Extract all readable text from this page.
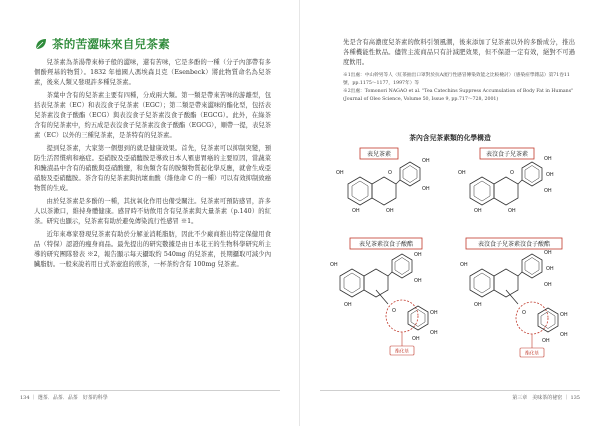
茶的苦澀味來自兒茶素

兒茶素為茶湯帶來柿子般的澀味，還有苦味，它是多酚的一種（分子內部帶有多個酚羥基的物質）。1832 年德國人馮埃森貝克（Esenbeck）將此物質命名為兒茶素，後來人類又發現許多種兒茶素。

茶葉中含有的兒茶素主要有四種，分成兩大類。第一類是帶來苦味的游離型，包括表兒茶素（EC）和表沒食子兒茶素（EGC）；第二類是帶來澀味的酯化型，包括表兒茶素沒食子酸酯（ECG）與表沒食子兒茶素沒食子酸酯（EGCG）。此外，在綠茶含有的兒茶素中，約五成是表沒食子兒茶素沒食子酸酯（EGCG），順帶一提，表兒茶素（EC）以外的三種兒茶素，是茶特有的兒茶素。

提到兒茶素，大家第一個想到的就是健康效果。首先，兒茶素可以抑制突變，預防生活習慣病和癌症。亞硝胺及亞硝醯胺是導致日本人罹患胃癌的主要原因，當蔬菜和醃漬品中含有的硝酸與亞硝酸鹽，和魚類含有的胺類物質起化學反應，就會生成亞硝胺及亞硝醯胺。茶含有的兒茶素與抗壞血酸（維他命 C 的一種）可以有效抑制致癌物質的生成。

由於兒茶素是多酚的一種，其抗氧化作用也備受關注。兒茶素可預防感冒，許多人以茶漱口，維持身體健康。感冒時不妨飲用含有兒茶素與大量茶素（p.140）的紅茶。研究也顯示，兒茶素有助於避免傳染流行性感冒 ※1。

近年來專家發現兒茶素有助於分解並消耗脂肪，因此不少廠商推出特定保健用食品（特保）認證的瘦身商品。最先提出的研究數據是由日本花王的生物科學研究所主導的研究團隊發表 ※2，報告顯示每天攝取約 540mg 的兒茶素，長期攝取可減少內臟脂肪。一般來說若用日式茶壺泡的煎茶，一杯茶約含有 100mg 兒茶素。

134 ｜ 選茶．品茶．品茶　好茶的科學	第三章　美味茶的祕密 ｜ 135
先是含有高濃度兒茶素的飲料引領風潮，後來添加了兒茶素以外的多酚成分，推出各種機能性飲品。儘管主流商品只有計減肥效果，但不保證一定有效，絕對不可過度飲用。
※1出處：中山幹男等人〈紅茶抽出口罩對於抗A流行性感冒傳染效能之比較檢討〉（感染症學雜誌）第71卷11號，pp.1175～1177，1997年）等
※2出處：Tomonori NAGAO et al. "Tea Catechins Suppress Accumulation of Body Fat in Humans" (Journal of Oleo Science, Volume 50, Issue 9, pp.717～728, 2001)
茶內含兒茶素類的化學構造
表兒茶素
OH
OH
O
OH
OH
OH
表沒食子兒茶素
OH
OH
O
OH
OH
OH
OH
表兒茶素沒食子酸酯
OH
OH
OH
OH
O	OH
OH
OH
酯化基
表沒食子兒茶素沒食子酸酯
OH
OH
OH
OH
OH
O	OH
OH
OH
酯化基
